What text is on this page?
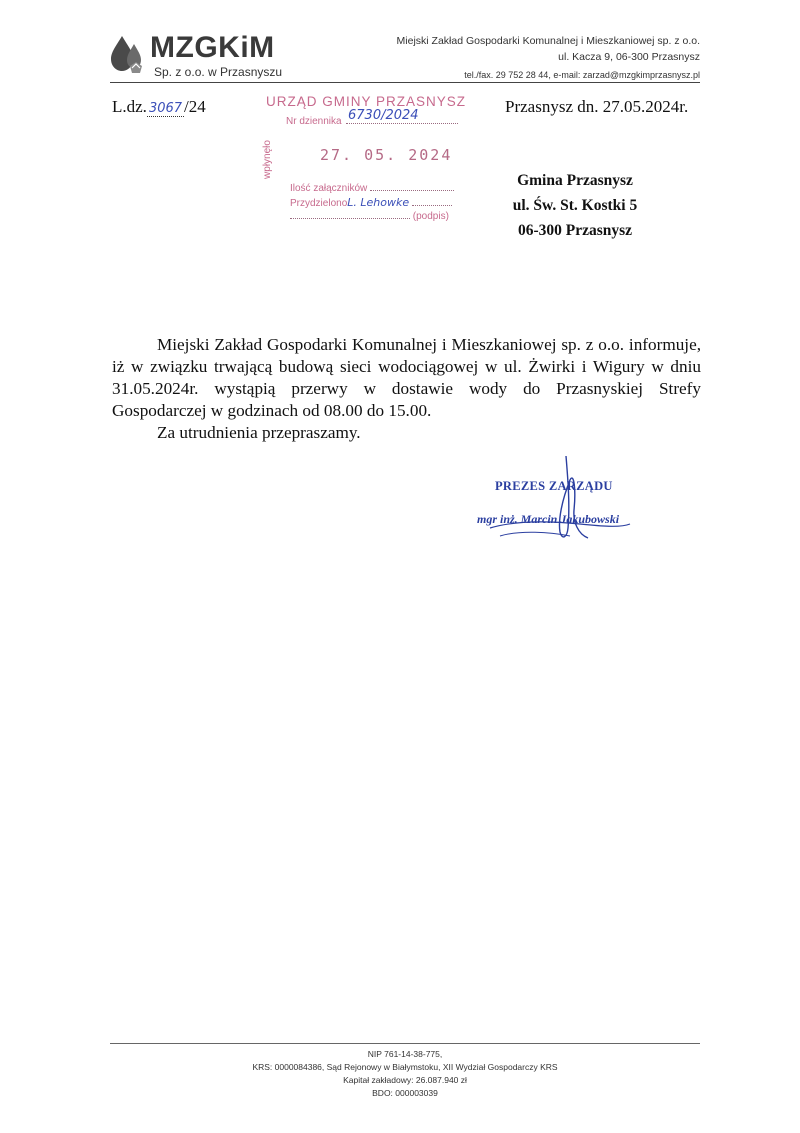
MZGKiM
Sp. z o.o. w Przasnyszu
Miejski Zakład Gospodarki Komunalnej i Mieszkaniowej sp. z o.o.
ul. Kacza 9, 06-300 Przasnysz
tel./fax. 29 752 28 44, e-mail: zarzad@mzgkimprzasnysz.pl
L.dz. 3067 /24	Przasnysz dn. 27.05.2024r.
URZĄD GMINY PRZASNYSZ
Nr dziennika 6730/2024
wpłynęło	27. 05. 2024
Ilość załączników
PrzydzielonoL. Lehowke
(podpis)
Gmina Przasnysz
ul. Św. St. Kostki 5
06-300 Przasnysz

Miejski Zakład Gospodarki Komunalnej i Mieszkaniowej sp. z o.o. informuje, iż w związku trwającą budową sieci wodociągowej w ul. Żwirki i Wigury w dniu 31.05.2024r. wystąpią przerwy w dostawie wody do Przasnyskiej Strefy Gospodarczej w godzinach od 08.00 do 15.00.

Za utrudnienia przepraszamy.

PREZES ZARZĄDU
mgr inż. Marcin Jakubowski
NIP 761-14-38-775,
KRS: 0000084386, Sąd Rejonowy w Białymstoku, XII Wydział Gospodarczy KRS
Kapitał zakładowy: 26.087.940 zł
BDO: 000003039
